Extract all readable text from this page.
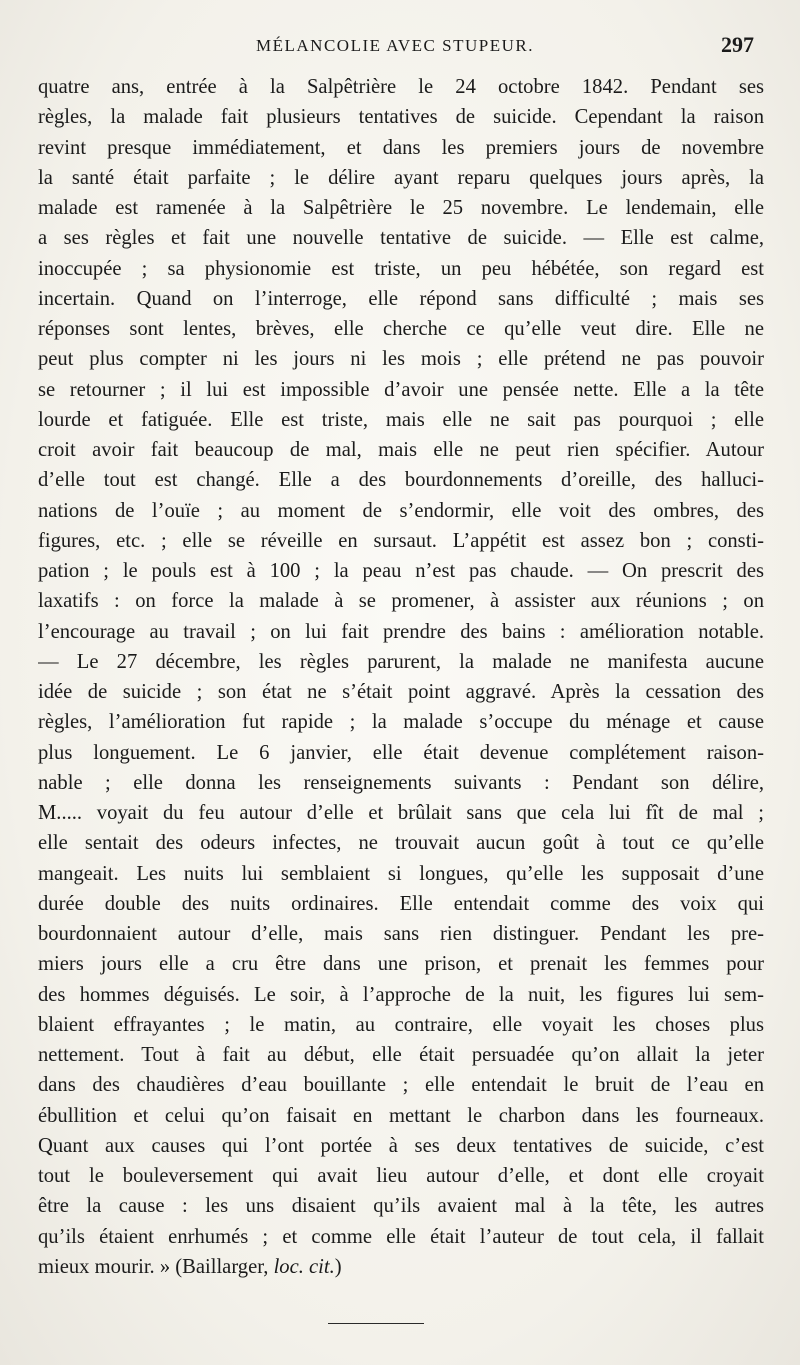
MÉLANCOLIE AVEC STUPEUR.	297
quatre ans, entrée à la Salpêtrière le 24 octobre 1842. Pendant ses
règles, la malade fait plusieurs tentatives de suicide. Cependant la raison
revint presque immédiatement, et dans les premiers jours de novembre
la santé était parfaite ; le délire ayant reparu quelques jours après, la
malade est ramenée à la Salpêtrière le 25 novembre. Le lendemain, elle
a ses règles et fait une nouvelle tentative de suicide. — Elle est calme,
inoccupée ; sa physionomie est triste, un peu hébétée, son regard est
incertain. Quand on l’interroge, elle répond sans difficulté ; mais ses
réponses sont lentes, brèves, elle cherche ce qu’elle veut dire. Elle ne
peut plus compter ni les jours ni les mois ; elle prétend ne pas pouvoir
se retourner ; il lui est impossible d’avoir une pensée nette. Elle a la tête
lourde et fatiguée. Elle est triste, mais elle ne sait pas pourquoi ; elle
croit avoir fait beaucoup de mal, mais elle ne peut rien spécifier. Autour
d’elle tout est changé. Elle a des bourdonnements d’oreille, des halluci-
nations de l’ouïe ; au moment de s’endormir, elle voit des ombres, des
figures, etc. ; elle se réveille en sursaut. L’appétit est assez bon ; consti-
pation ; le pouls est à 100 ; la peau n’est pas chaude. — On prescrit des
laxatifs : on force la malade à se promener, à assister aux réunions ; on
l’encourage au travail ; on lui fait prendre des bains : amélioration notable.
— Le 27 décembre, les règles parurent, la malade ne manifesta aucune
idée de suicide ; son état ne s’était point aggravé. Après la cessation des
règles, l’amélioration fut rapide ; la malade s’occupe du ménage et cause
plus longuement. Le 6 janvier, elle était devenue complétement raison-
nable ; elle donna les renseignements suivants : Pendant son délire,
M..... voyait du feu autour d’elle et brûlait sans que cela lui fît de mal ;
elle sentait des odeurs infectes, ne trouvait aucun goût à tout ce qu’elle
mangeait. Les nuits lui semblaient si longues, qu’elle les supposait d’une
durée double des nuits ordinaires. Elle entendait comme des voix qui
bourdonnaient autour d’elle, mais sans rien distinguer. Pendant les pre-
miers jours elle a cru être dans une prison, et prenait les femmes pour
des hommes déguisés. Le soir, à l’approche de la nuit, les figures lui sem-
blaient effrayantes ; le matin, au contraire, elle voyait les choses plus
nettement. Tout à fait au début, elle était persuadée qu’on allait la jeter
dans des chaudières d’eau bouillante ; elle entendait le bruit de l’eau en
ébullition et celui qu’on faisait en mettant le charbon dans les fourneaux.
Quant aux causes qui l’ont portée à ses deux tentatives de suicide, c’est
tout le bouleversement qui avait lieu autour d’elle, et dont elle croyait
être la cause : les uns disaient qu’ils avaient mal à la tête, les autres
qu’ils étaient enrhumés ; et comme elle était l’auteur de tout cela, il fallait
mieux mourir. » (Baillarger, loc. cit.)
